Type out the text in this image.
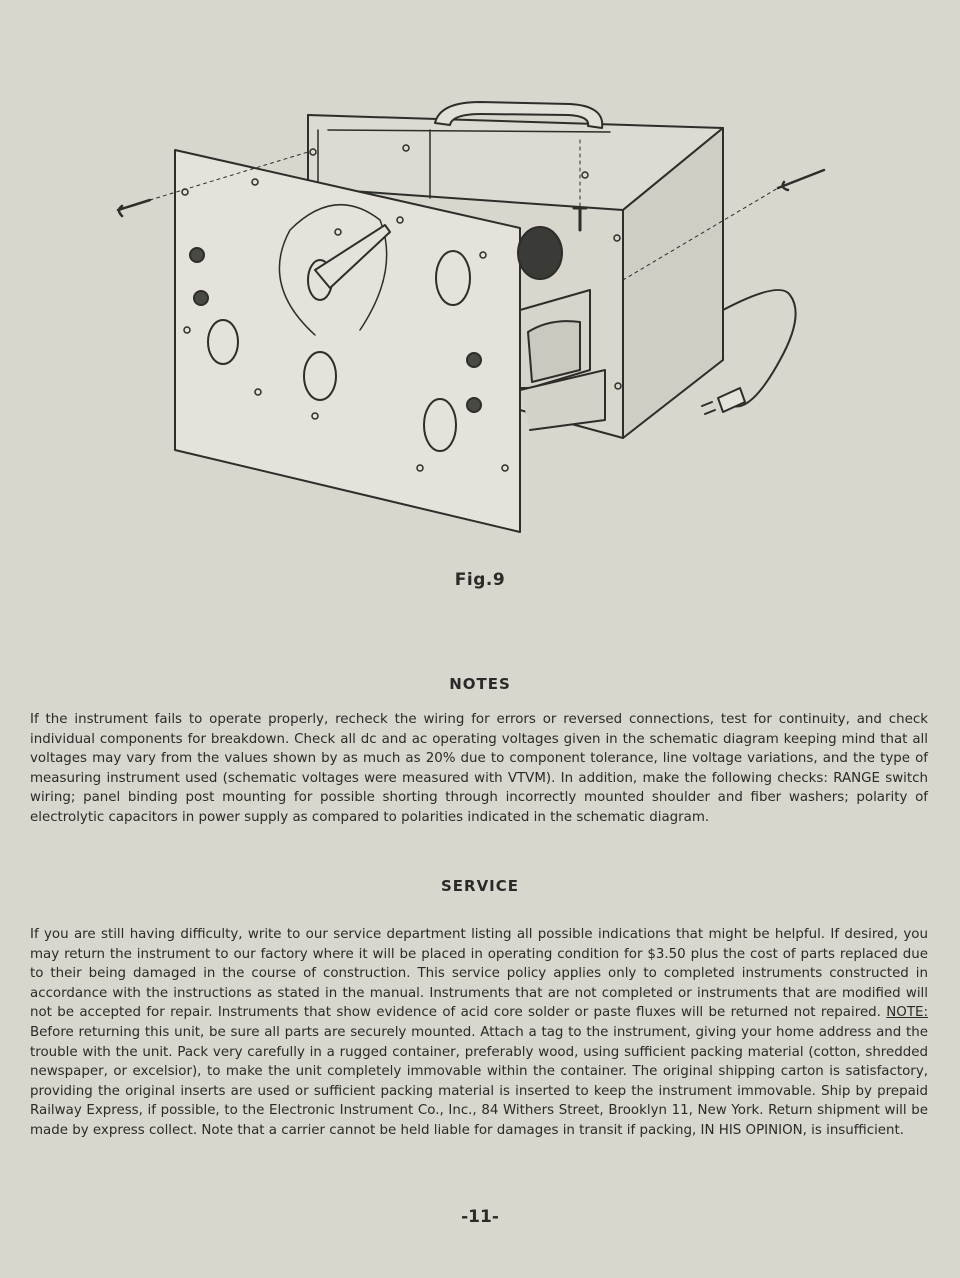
Fig.9
NOTES
If the instrument fails to operate properly, recheck the wiring for errors or reversed connections, test for continuity, and check individual components for breakdown. Check all dc and ac operating voltages given in the schematic diagram keeping mind that all voltages may vary from the values shown by as much as 20% due to component tolerance, line voltage variations, and the type of measuring instrument used (schematic voltages were measured with VTVM). In addition, make the following checks: RANGE switch wiring; panel binding post mounting for possible shorting through incorrectly mounted shoulder and fiber washers; polarity of electrolytic capacitors in power supply as compared to polarities indicated in the schematic diagram.
SERVICE
If you are still having difficulty, write to our service department listing all possible indications that might be helpful. If desired, you may return the instrument to our factory where it will be placed in operating condition for $3.50 plus the cost of parts replaced due to their being damaged in the course of construction. This service policy applies only to completed instruments constructed in accordance with the instructions as stated in the manual. Instruments that are not completed or instruments that are modified will not be accepted for repair. Instruments that show evidence of acid core solder or paste fluxes will be returned not repaired. NOTE: Before returning this unit, be sure all parts are securely mounted. Attach a tag to the instrument, giving your home address and the trouble with the unit. Pack very carefully in a rugged container, preferably wood, using sufficient packing material (cotton, shredded newspaper, or excelsior), to make the unit completely immovable within the container. The original shipping carton is satisfactory, providing the original inserts are used or sufficient packing material is inserted to keep the instrument immovable. Ship by prepaid Railway Express, if possible, to the Electronic Instrument Co., Inc., 84 Withers Street, Brooklyn 11, New York. Return shipment will be made by express collect. Note that a carrier cannot be held liable for damages in transit if packing, IN HIS OPINION, is insufficient.
-11-
